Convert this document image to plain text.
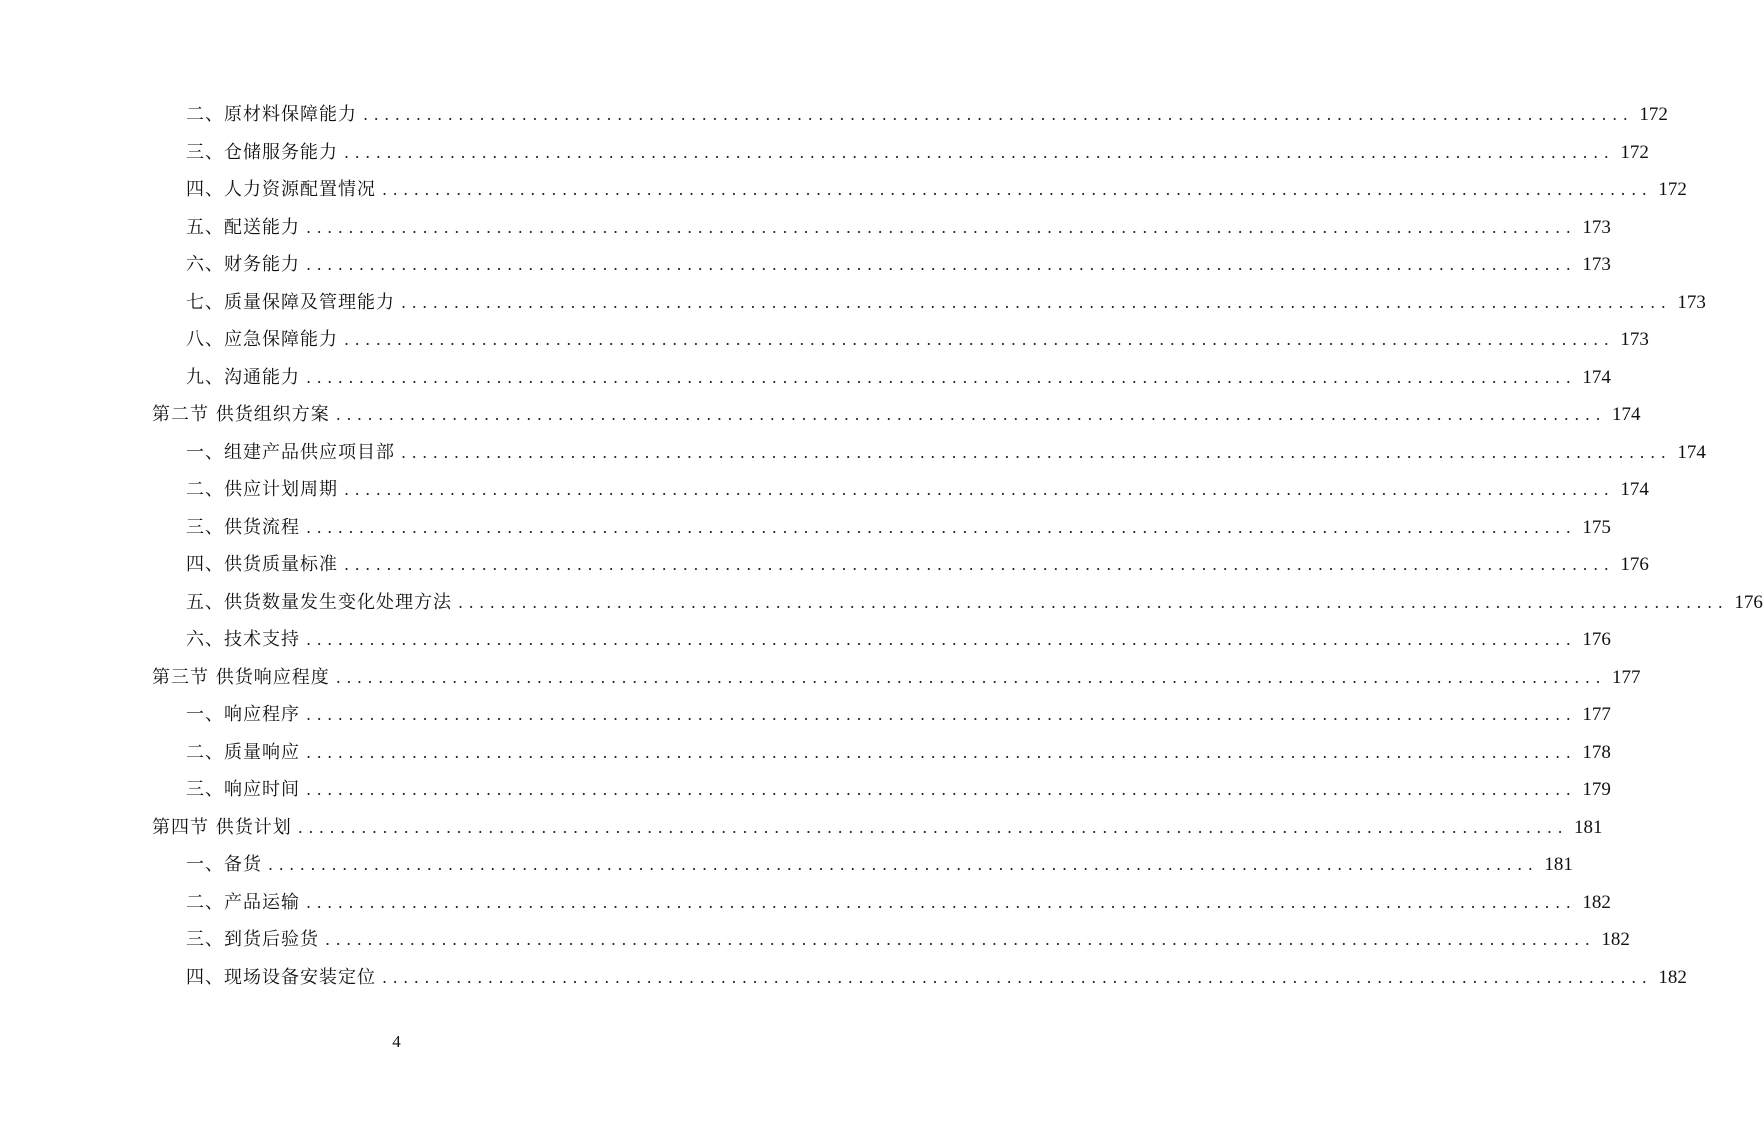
二、原材料保障能力 ........................................................................................................................ 172
三、仓储服务能力 ........................................................................................................................ 172
四、人力资源配置情况 ........................................................................................................................ 172
五、配送能力 ........................................................................................................................ 173
六、财务能力 ........................................................................................................................ 173
七、质量保障及管理能力 ........................................................................................................................ 173
八、应急保障能力 ........................................................................................................................ 173
九、沟通能力 ........................................................................................................................ 174
第二节 供货组织方案 ........................................................................................................................ 174
一、组建产品供应项目部 ........................................................................................................................ 174
二、供应计划周期 ........................................................................................................................ 174
三、供货流程 ........................................................................................................................ 175
四、供货质量标准 ........................................................................................................................ 176
五、供货数量发生变化处理方法 ........................................................................................................................ 176
六、技术支持 ........................................................................................................................ 176
第三节 供货响应程度 ........................................................................................................................ 177
一、响应程序 ........................................................................................................................ 177
二、质量响应 ........................................................................................................................ 178
三、响应时间 ........................................................................................................................ 179
第四节 供货计划 ........................................................................................................................ 181
一、备货 ........................................................................................................................ 181
二、产品运输 ........................................................................................................................ 182
三、到货后验货 ........................................................................................................................ 182
四、现场设备安装定位 ........................................................................................................................ 182
4
